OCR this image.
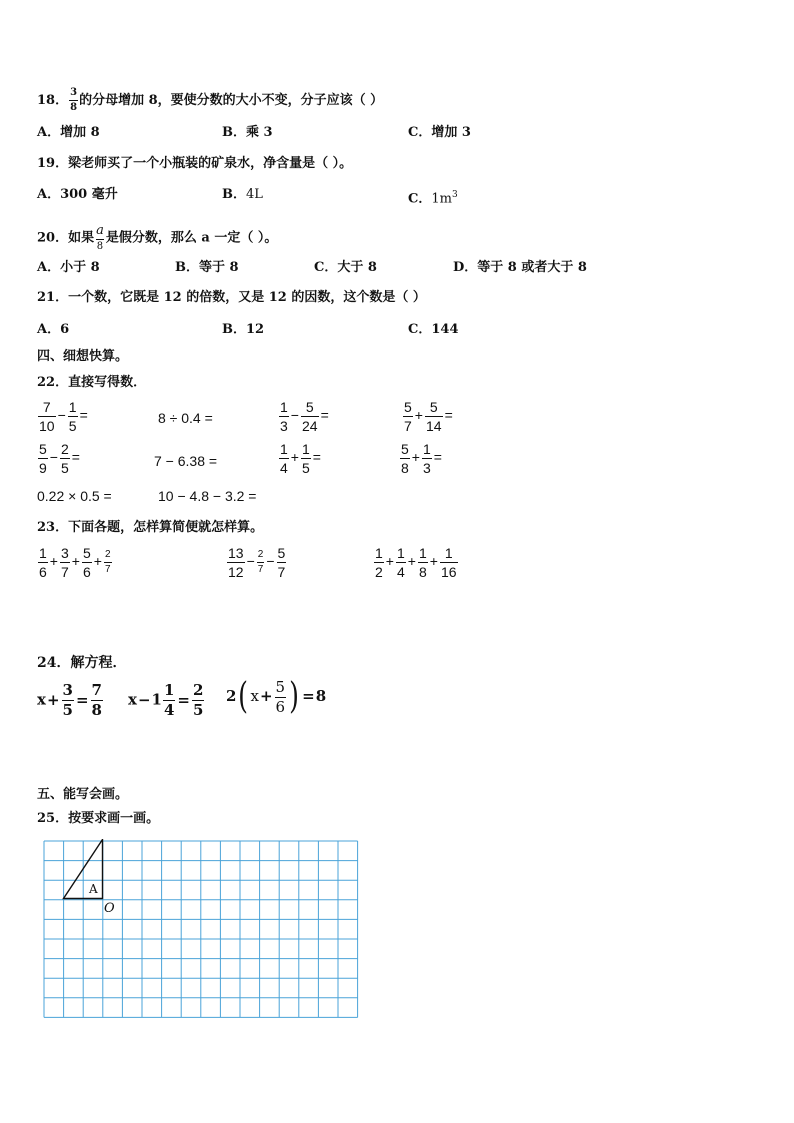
18． $\frac{3}{8}$ 的分母增加 8，要使分数的大小不变，分子应该（ ）
A．增加 8	B．乘 3	C．增加 3
19．梁老师买了一个小瓶装的矿泉水，净含量是（ ）。
A．300 毫升	B．4L	C．$1m^3$
20．如果 $\frac{a}{8}$ 是假分数，那么 a 一定（ ）。
A．小于 8	B．等于 8	C．大于 8	D．等于 8 或者大于 8
21．一个数，它既是 12 的倍数，又是 12 的因数，这个数是（ ）
A．6	B．12	C．144
四、细想快算。
22．直接写得数．
$\frac{7}{10} - \frac{1}{5}$ =	8 ÷ 0.4 =	$\frac{1}{3} - \frac{5}{24}$ =	$\frac{5}{7} + \frac{5}{14}$ =
$\frac{5}{9} - \frac{2}{5}$ =	7 − 6.38 =	$\frac{1}{4} + \frac{1}{5}$ =	$\frac{5}{8} + \frac{1}{3}$ =
0.22 × 0.5 =	10 − 4.8 − 3.2 =
23．下面各题，怎样算简便就怎样算。
$\frac{1}{6} + \frac{3}{7} + \frac{5}{6} + \frac{2}{7}$	$\frac{13}{12} - \frac{2}{7} - \frac{5}{7}$	$\frac{1}{2} + \frac{1}{4} + \frac{1}{8} + \frac{1}{16}$
24．解方程．
$x+ \frac{3}{5} = \frac{7}{8} x-1 \frac{1}{4} = \frac{2}{5} 2$( $x+ \frac{5}{6}$ ) =8
五、能写会画。
25．按要求画一画。
A
O
